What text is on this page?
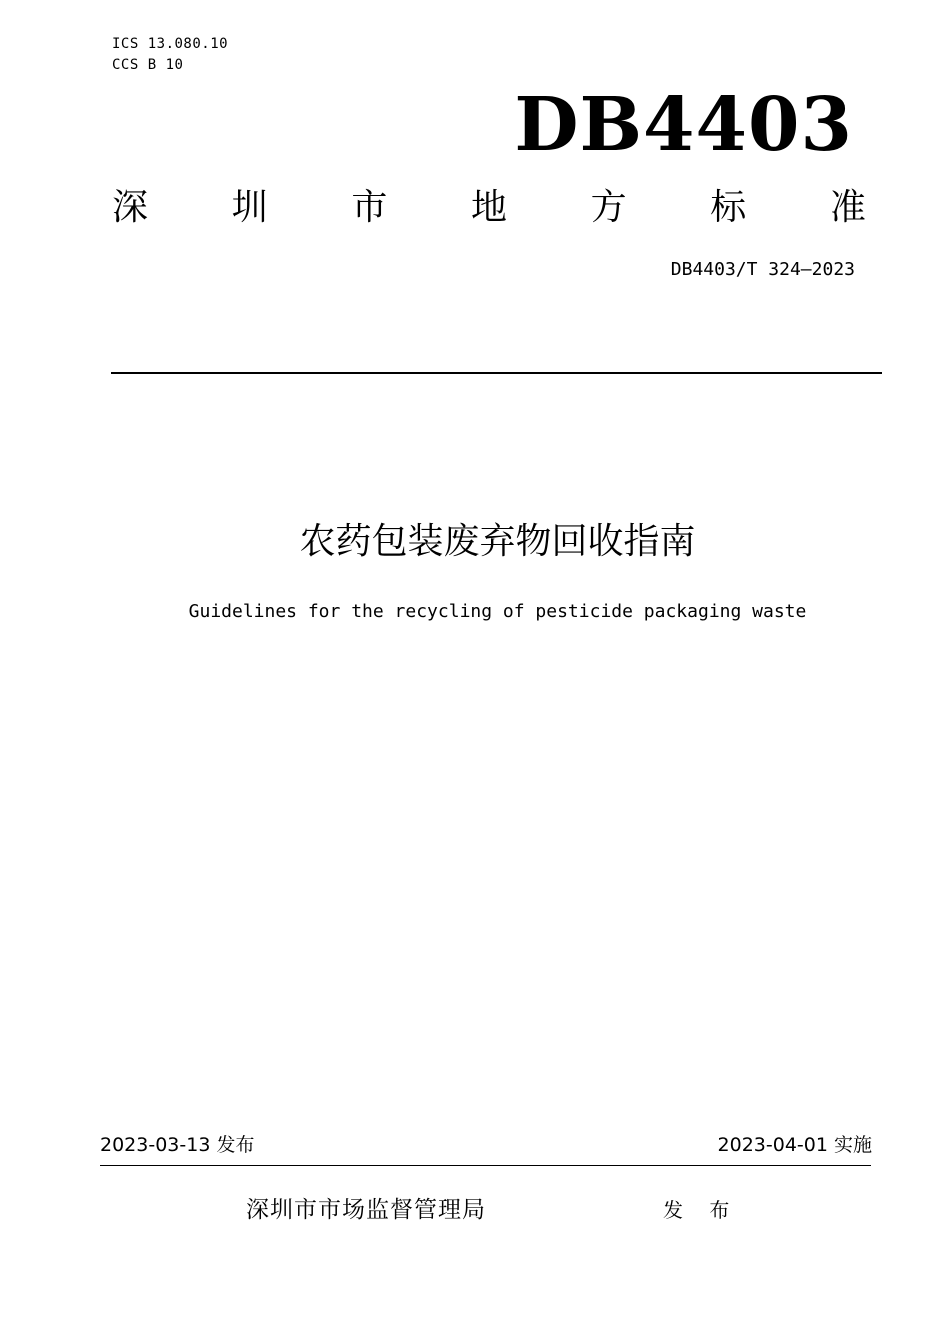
ICS 13.080.10
CCS B 10
DB4403
深 圳 市 地 方 标 准
DB4403/T 324—2023
农药包装废弃物回收指南
Guidelines for the recycling of pesticide packaging waste
2023-03-13 发布	2023-04-01 实施
深圳市市场监督管理局	发 布
